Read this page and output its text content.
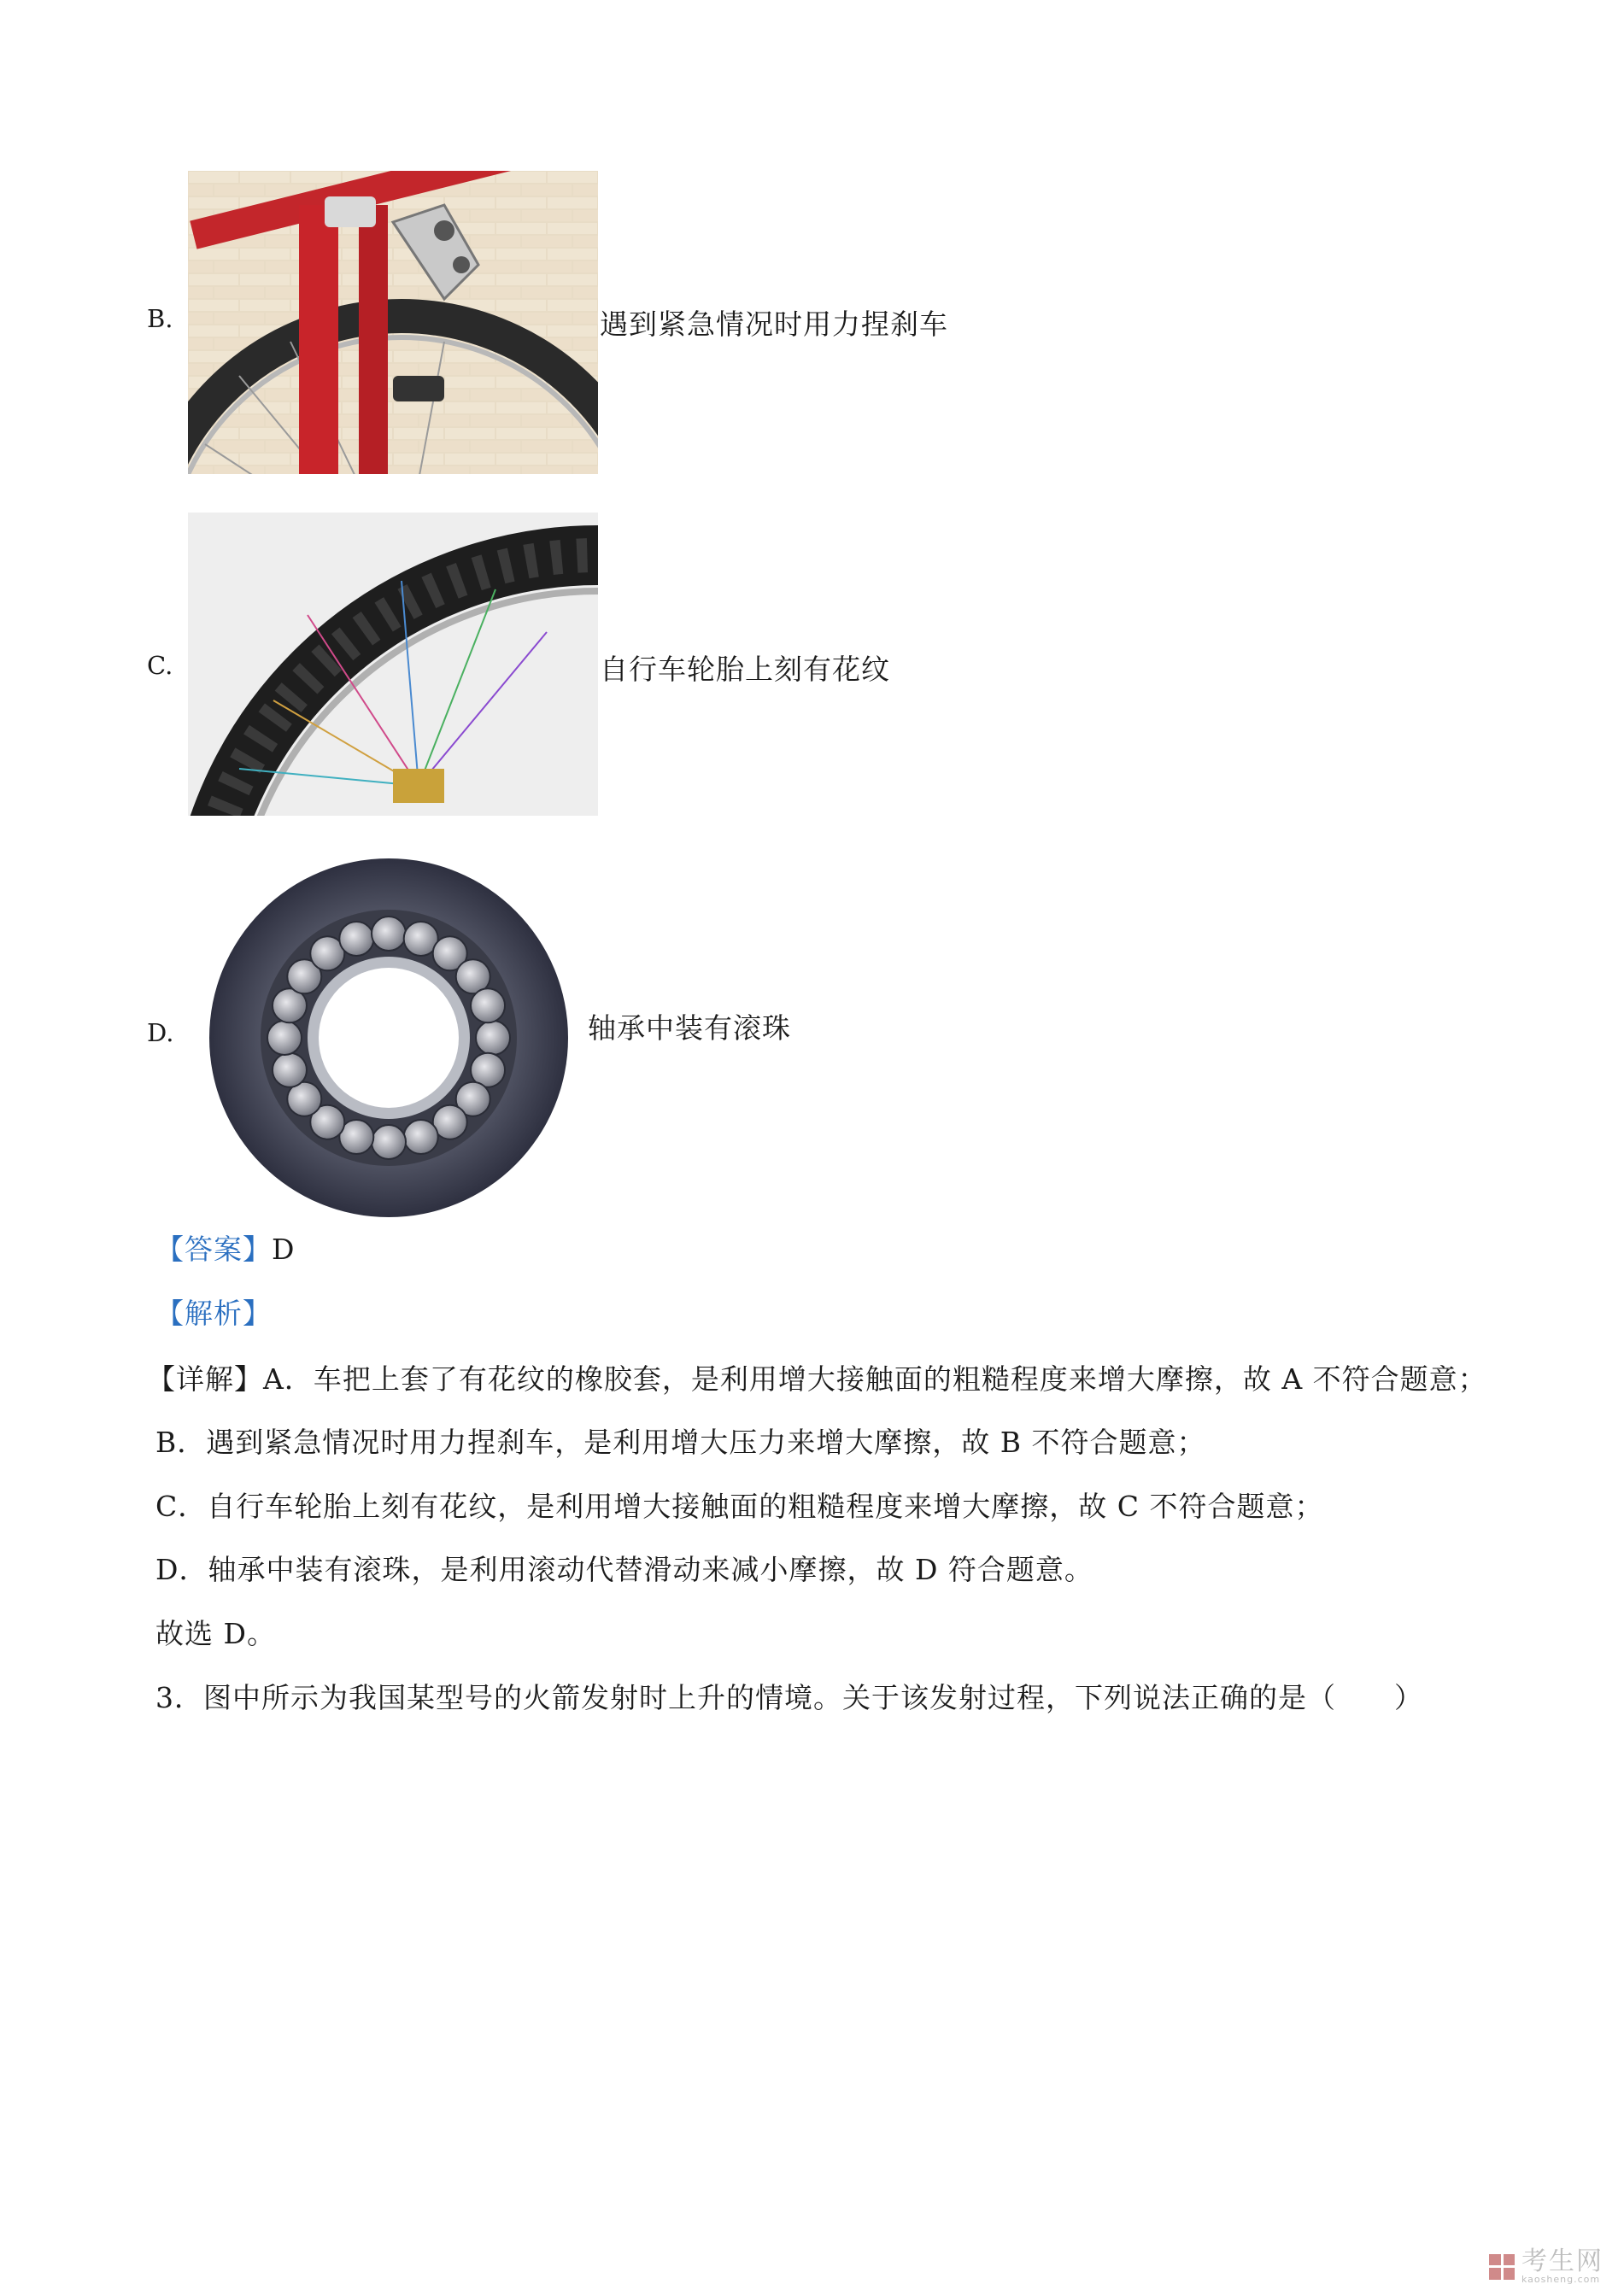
B.	遇到紧急情况时用力捏刹车
C.	自行车轮胎上刻有花纹
D.	轴承中装有滚珠
【答案】D
【解析】
【详解】A．车把上套了有花纹的橡胶套，是利用增大接触面的粗糙程度来增大摩擦，故 A 不符合题意；
B．遇到紧急情况时用力捏刹车，是利用增大压力来增大摩擦，故 B 不符合题意；
C．自行车轮胎上刻有花纹，是利用增大接触面的粗糙程度来增大摩擦，故 C 不符合题意；
D．轴承中装有滚珠，是利用滚动代替滑动来减小摩擦，故 D 符合题意。
故选 D。
3．图中所示为我国某型号的火箭发射时上升的情境。关于该发射过程，下列说法正确的是（　　）
考生网
kaosheng.com
